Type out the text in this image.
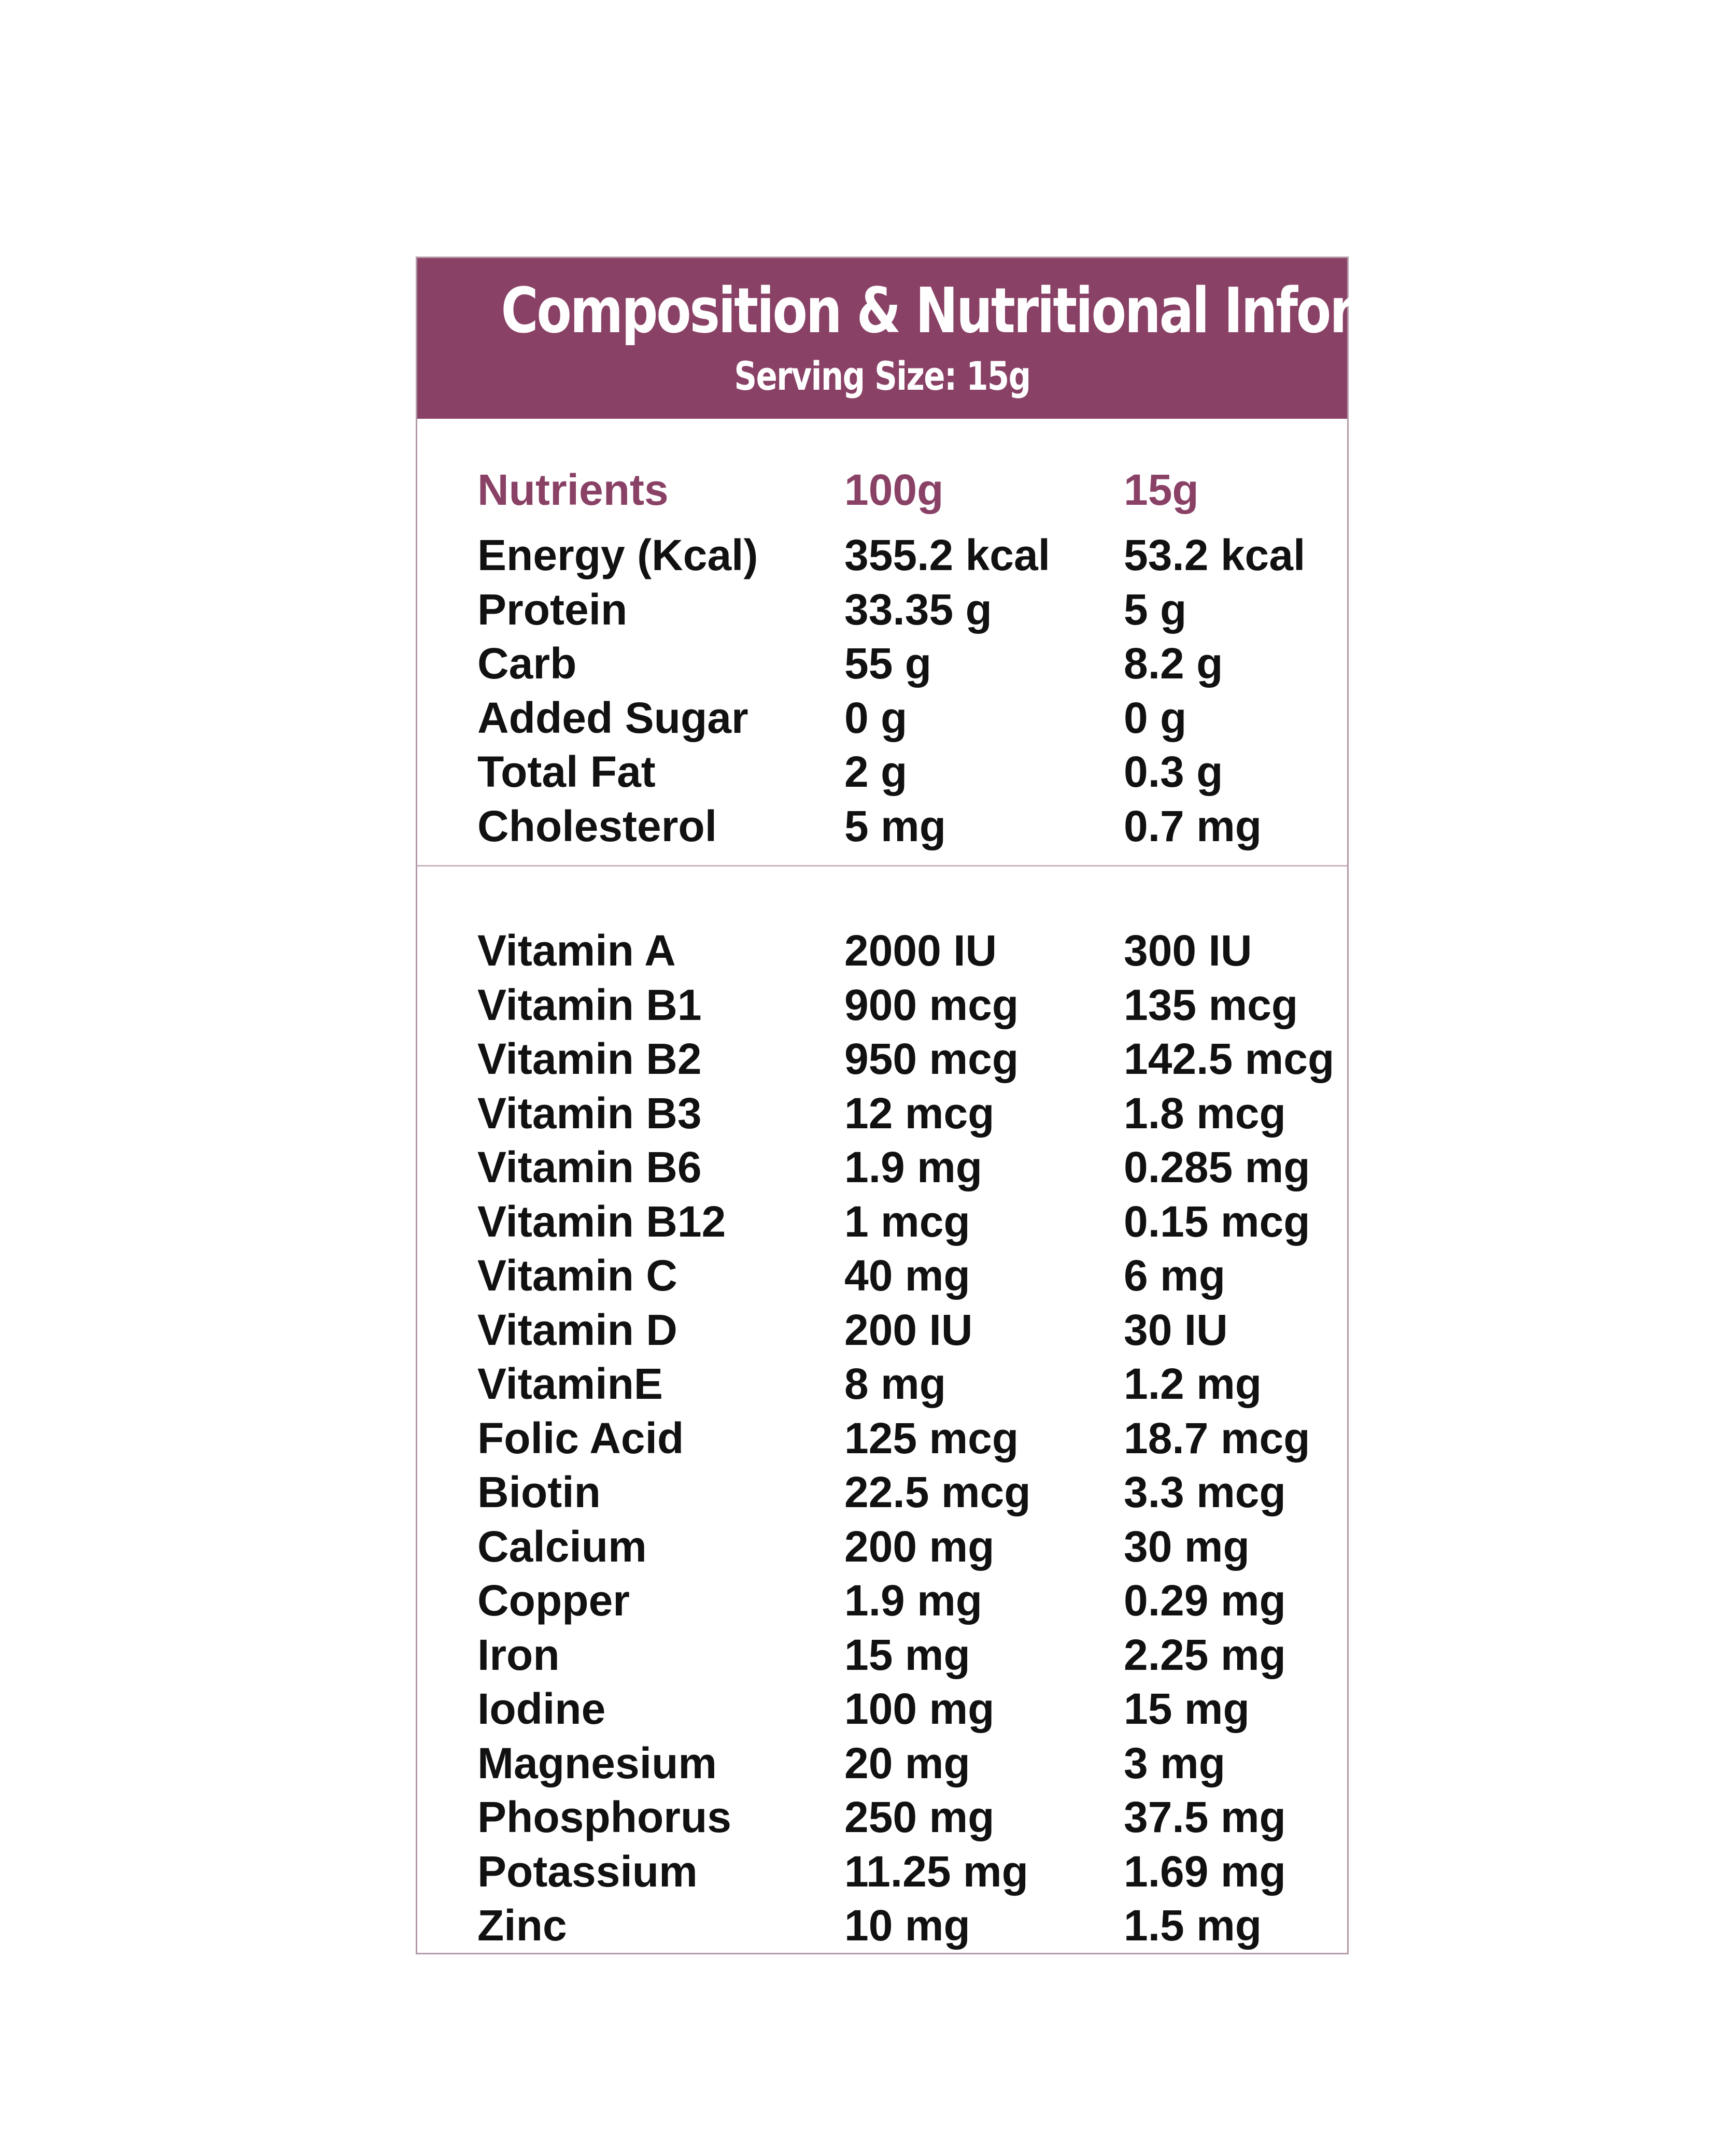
Composition & Nutritional Information
Serving Size: 15g
Nutrients	100g	15g
Energy (Kcal) 355.2 kcal 53.2 kcal
Protein	33.35 g	5 g
Carb	55 g	8.2 g
Added Sugar 0 g	0 g
Total Fat	2 g	0.3 g
Cholesterol	5 mg	0.7 mg
Vitamin A	2000 IU	300 IU
Vitamin B1	900 mcg 135 mcg
Vitamin B2	950 mcg 142.5 mcg
Vitamin B3	12 mcg	1.8 mcg
Vitamin B6	1.9 mg	0.285 mg
Vitamin B12	1 mcg	0.15 mcg
Vitamin C	40 mg	6 mg
Vitamin D	200 IU	30 IU
VitaminE	8 mg	1.2 mg
Folic Acid	125 mcg 18.7 mcg
Biotin	22.5 mcg 3.3 mcg
Calcium	200 mg	30 mg
Copper	1.9 mg	0.29 mg
Iron	15 mg	2.25 mg
Iodine	100 mg	15 mg
Magnesium	20 mg	3 mg
Phosphorus	250 mg	37.5 mg
Potassium	11.25 mg 1.69 mg
Zinc	10 mg	1.5 mg
